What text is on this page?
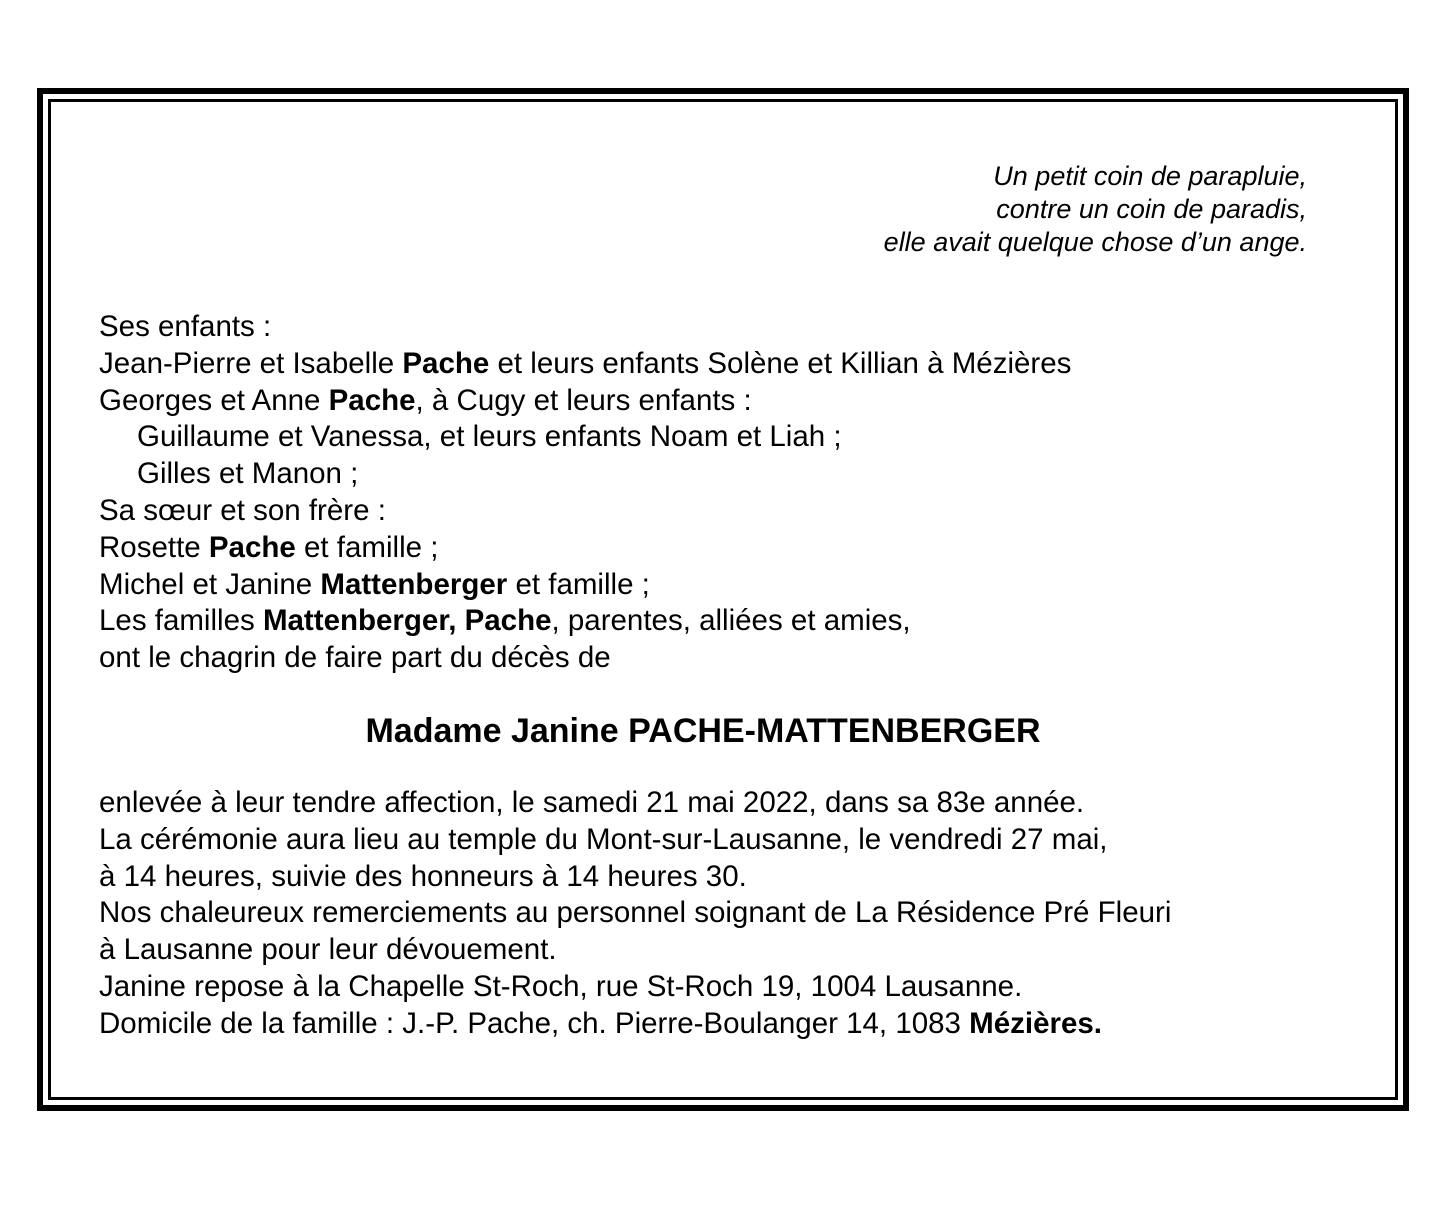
Un petit coin de parapluie,
contre un coin de paradis,
elle avait quelque chose d’un ange.
Ses enfants :
Jean-Pierre et Isabelle Pache et leurs enfants Solène et Killian à Mézières
Georges et Anne Pache, à Cugy et leurs enfants :
Guillaume et Vanessa, et leurs enfants Noam et Liah ;
Gilles et Manon ;
Sa sœur et son frère :
Rosette Pache et famille ;
Michel et Janine Mattenberger et famille ;
Les familles Mattenberger, Pache, parentes, alliées et amies,
ont le chagrin de faire part du décès de
Madame Janine PACHE-MATTENBERGER
enlevée à leur tendre affection, le samedi 21 mai 2022, dans sa 83e année.
La cérémonie aura lieu au temple du Mont-sur-Lausanne, le vendredi 27 mai,
à 14 heures, suivie des honneurs à 14 heures 30.
Nos chaleureux remerciements au personnel soignant de La Résidence Pré Fleuri
à Lausanne pour leur dévouement.
Janine repose à la Chapelle St-Roch, rue St-Roch 19, 1004 Lausanne.
Domicile de la famille : J.-P. Pache, ch. Pierre-Boulanger 14, 1083 Mézières.
